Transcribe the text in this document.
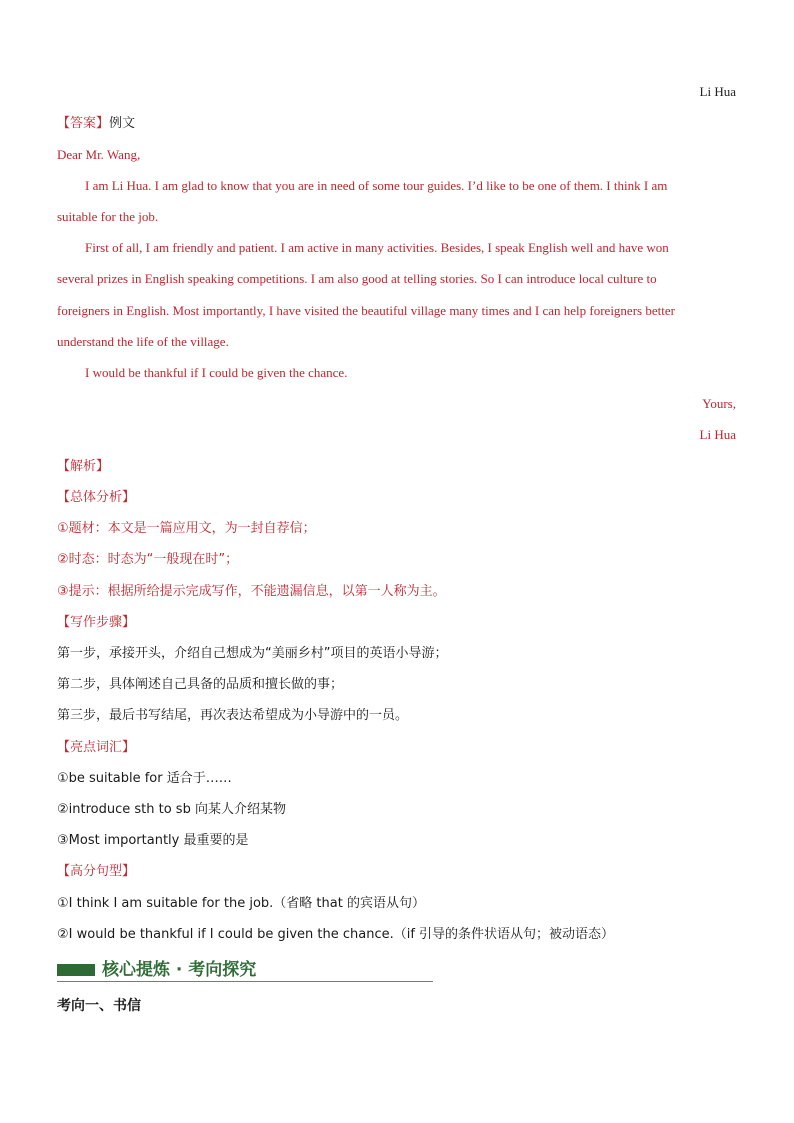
Li Hua
【答案】例文
Dear Mr. Wang,
I am Li Hua. I am glad to know that you are in need of some tour guides. I’d like to be one of them. I think I am
suitable for the job.
First of all, I am friendly and patient. I am active in many activities. Besides, I speak English well and have won
several prizes in English speaking competitions. I am also good at telling stories. So I can introduce local culture to
foreigners in English. Most importantly, I have visited the beautiful village many times and I can help foreigners better
understand the life of the village.
I would be thankful if I could be given the chance.
Yours,
Li Hua
【解析】
【总体分析】
①题材：本文是一篇应用文，为一封自荐信；
②时态：时态为“一般现在时”；
③提示：根据所给提示完成写作，不能遗漏信息，以第一人称为主。
【写作步骤】
第一步，承接开头，介绍自己想成为“美丽乡村”项目的英语小导游；
第二步，具体阐述自己具备的品质和擅长做的事；
第三步，最后书写结尾，再次表达希望成为小导游中的一员。
【亮点词汇】
①be suitable for 适合于……
②introduce sth to sb 向某人介绍某物
③Most importantly 最重要的是
【高分句型】
①I think I am suitable for the job.（省略 that 的宾语从句）
②I would be thankful if I could be given the chance.（if 引导的条件状语从句；被动语态）
核心提炼 · 考向探究
考向一、书信
